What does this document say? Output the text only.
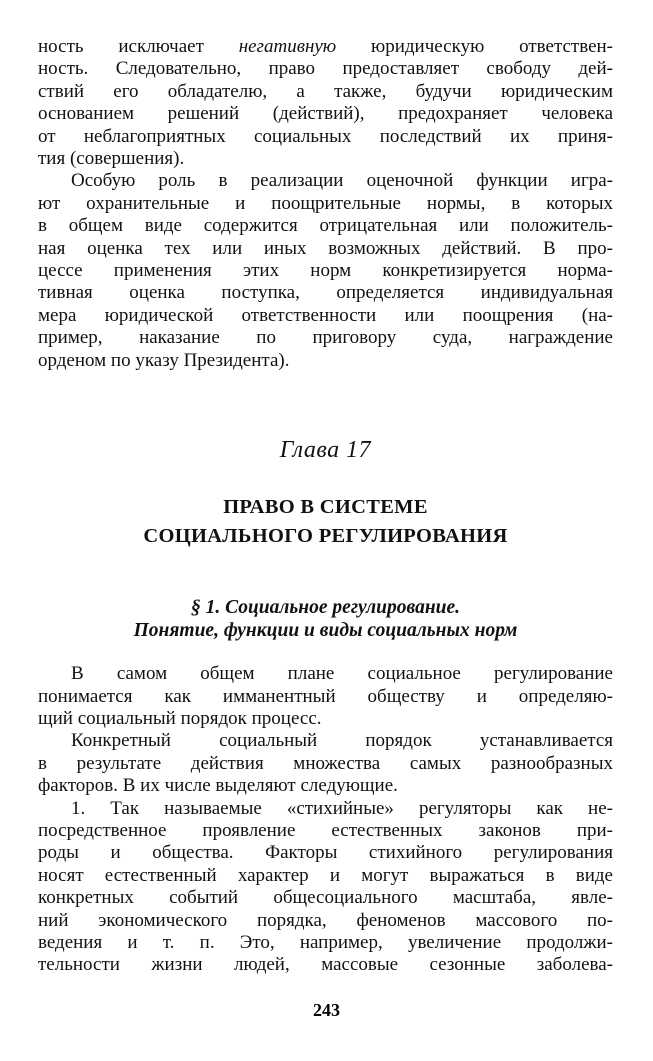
ность исключает негативную юридическую ответствен-
ность. Следовательно, право предоставляет свободу дей-
ствий его обладателю, а также, будучи юридическим
основанием решений (действий), предохраняет человека
от неблагоприятных социальных последствий их приня-
тия (совершения).
Особую роль в реализации оценочной функции игра-
ют охранительные и поощрительные нормы, в которых
в общем виде содержится отрицательная или положитель-
ная оценка тех или иных возможных действий. В про-
цессе применения этих норм конкретизируется норма-
тивная оценка поступка, определяется индивидуальная
мера юридической ответственности или поощрения (на-
пример, наказание по приговору суда, награждение
орденом по указу Президента).
Глава 17
ПРАВО В СИСТЕМЕ
СОЦИАЛЬНОГО РЕГУЛИРОВАНИЯ
§ 1. Социальное регулирование.
Понятие, функции и виды социальных норм
В самом общем плане социальное регулирование
понимается как имманентный обществу и определяю-
щий социальный порядок процесс.
Конкретный социальный порядок устанавливается
в результате действия множества самых разнообразных
факторов. В их числе выделяют следующие.
1. Так называемые «стихийные» регуляторы как не-
посредственное проявление естественных законов при-
роды и общества. Факторы стихийного регулирования
носят естественный характер и могут выражаться в виде
конкретных событий общесоциального масштаба, явле-
ний экономического порядка, феноменов массового по-
ведения и т. п. Это, например, увеличение продолжи-
тельности жизни людей, массовые сезонные заболева-
243
